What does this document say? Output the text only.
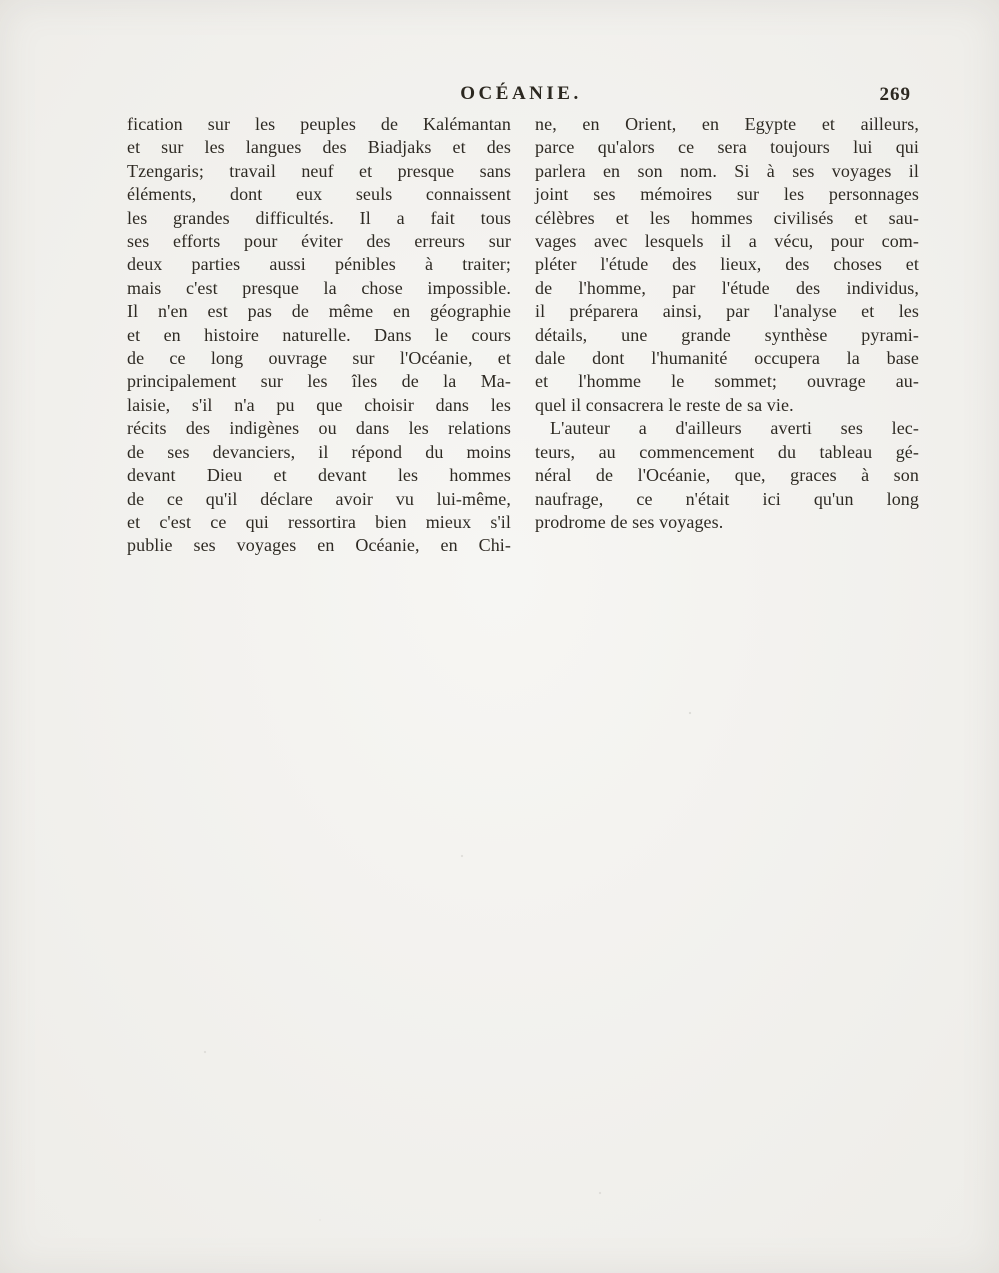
OCÉANIE.	269
fication sur les peuples de Kalémantan
et sur les langues des Biadjaks et des
Tzengaris; travail neuf et presque sans
éléments, dont eux seuls connaissent
les grandes difficultés. Il a fait tous
ses efforts pour éviter des erreurs sur
deux parties aussi pénibles à traiter;
mais c'est presque la chose impossible.
Il n'en est pas de même en géographie
et en histoire naturelle. Dans le cours
de ce long ouvrage sur l'Océanie, et
principalement sur les îles de la Ma-
laisie, s'il n'a pu que choisir dans les
récits des indigènes ou dans les relations
de ses devanciers, il répond du moins
devant Dieu et devant les hommes
de ce qu'il déclare avoir vu lui-même,
et c'est ce qui ressortira bien mieux s'il
publie ses voyages en Océanie, en Chi-
ne, en Orient, en Egypte et ailleurs,
parce qu'alors ce sera toujours lui qui
parlera en son nom. Si à ses voyages il
joint ses mémoires sur les personnages
célèbres et les hommes civilisés et sau-
vages avec lesquels il a vécu, pour com-
pléter l'étude des lieux, des choses et
de l'homme, par l'étude des individus,
il préparera ainsi, par l'analyse et les
détails, une grande synthèse pyrami-
dale dont l'humanité occupera la base
et l'homme le sommet; ouvrage au-
quel il consacrera le reste de sa vie.
L'auteur a d'ailleurs averti ses lec-
teurs, au commencement du tableau gé-
néral de l'Océanie, que, graces à son
naufrage, ce n'était ici qu'un long
prodrome de ses voyages.
